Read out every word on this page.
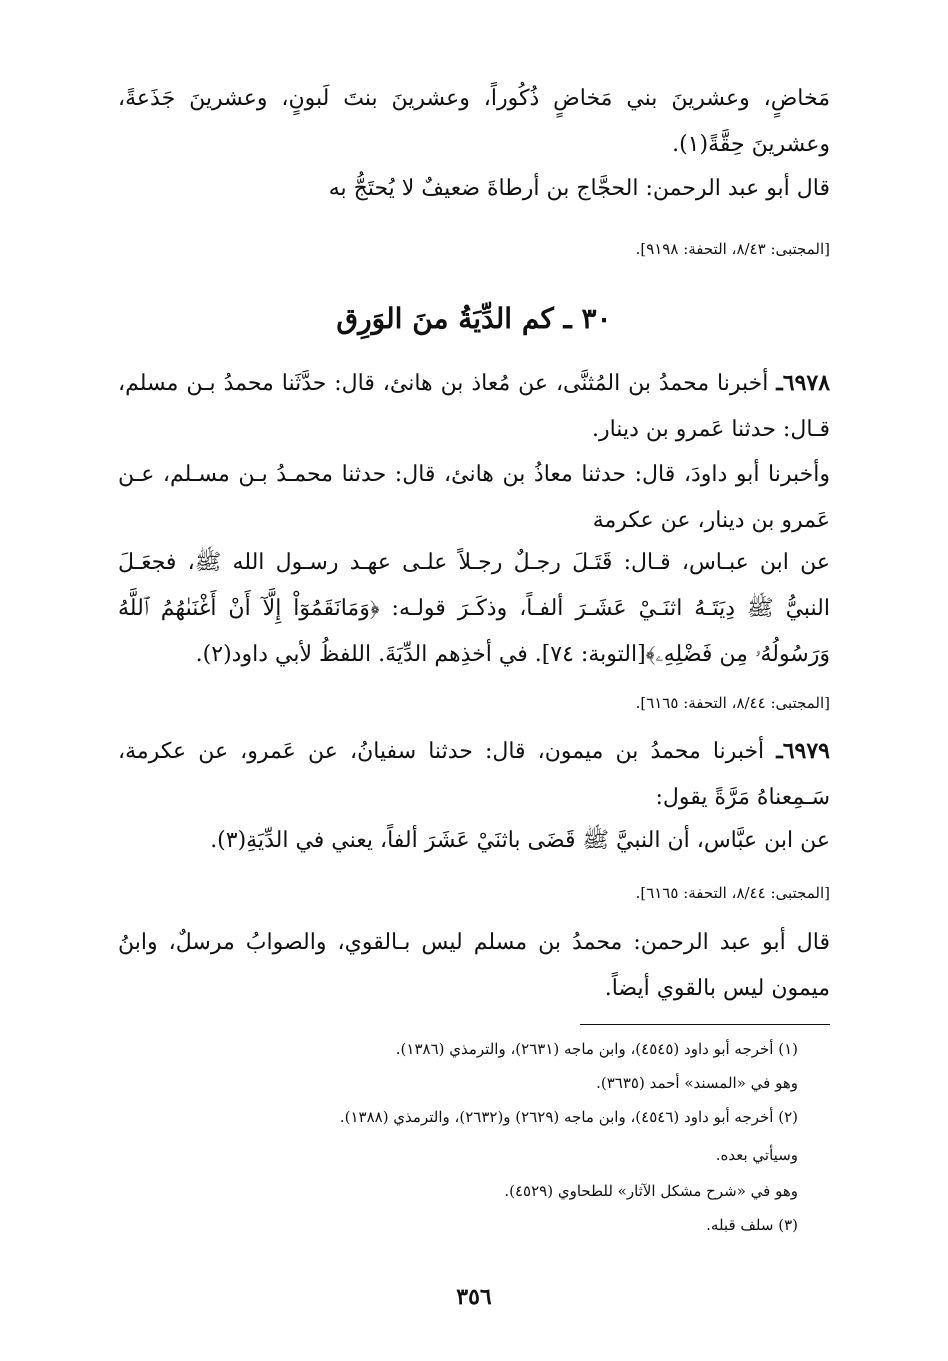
مَخاضٍ، وعشرينَ بني مَخاضٍ ذُكُوراً، وعشرينَ بنتَ لَبونٍ، وعشرينَ جَذَعةً، وعشرينَ حِقَّةً(١).
قال أبو عبد الرحمن: الحجَّاج بن أرطاةَ ضعيفٌ لا يُحتَجُّ به
[المجتبى: ٨/٤٣، التحفة: ٩١٩٨].
٣٠ ـ كم الدِّيَةُ منَ الوَرِق
٦٩٧٨ـ أخبرنا محمدُ بن المُثنَّى، عن مُعاذ بن هانئ، قال: حدَّثَنا محمدُ بـن مسلم، قـال: حدثنا عَمرو بن دينار.
وأخبرنا أبو داودَ، قال: حدثنا معاذُ بن هانئ، قال: حدثنا محمـدُ بـن مسـلم، عـن عَمرو بن دينار، عن عكرمة
عن ابن عبـاس، قـال: قَتَـلَ رجـلٌ رجـلاً علـى عهـد رسـول الله ﷺ، فجعَـلَ النبيُّ ﷺ دِيَتَـهُ اثنَـيْ عَشَـرَ ألفـاً، وذكَـرَ قولـه: ﴿وَمَانَقَمُوٓاْ إِلَّآ أَنْ أَغْنَىٰهُمُ ٱللَّهُ وَرَسُولُهُۥ مِن فَضْلِهِۦ﴾[التوبة: ٧٤]. في أخذِهم الدِّيَةَ. اللفظُ لأبي داود(٢).
[المجتبى: ٨/٤٤، التحفة: ٦١٦٥].
٦٩٧٩ـ أخبرنا محمدُ بن ميمون، قال: حدثنا سفيانُ، عن عَمرو، عن عكرمة، سَـمِعناهُ مَرَّةً يقول:
عن ابن عبَّاس، أن النبيَّ ﷺ قَضَى باثنَيْ عَشَرَ ألفاً، يعني في الدِّيَةِ(٣).
[المجتبى: ٨/٤٤، التحفة: ٦١٦٥].
قال أبو عبد الرحمن: محمدُ بن مسلم ليس بـالقوي، والصوابُ مرسلٌ، وابنُ ميمون ليس بالقوي أيضاً.
(١) أخرجه أبو داود (٤٥٤٥)، وابن ماجه (٢٦٣١)، والترمذي (١٣٨٦).
وهو في «المسند» أحمد (٣٦٣٥).
(٢) أخرجه أبو داود (٤٥٤٦)، وابن ماجه (٢٦٢٩) و(٢٦٣٢)، والترمذي (١٣٨٨).
وسيأتي بعده.
وهو في «شرح مشكل الآثار» للطحاوي (٤٥٢٩).
(٣) سلف قبله.
٣٥٦
